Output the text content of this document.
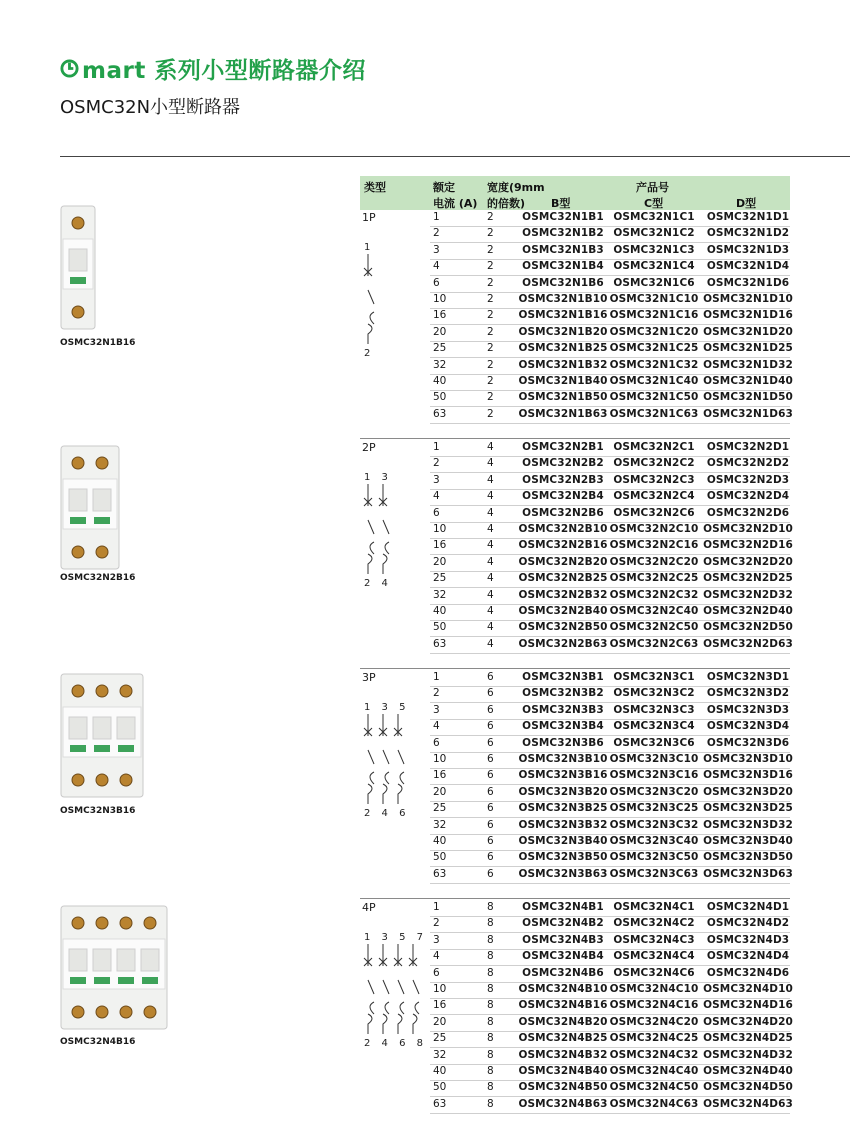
mart 系列小型断路器介绍
OSMC32N小型断路器
类型	额定
电流 (A)
宽度(9mm
的倍数)
产品号
B型	C型	D型
1P	1	2	OSMC32N1B1 OSMC32N1C1 OSMC32N1D1
2	2	OSMC32N1B2 OSMC32N1C2 OSMC32N1D2
3	2	OSMC32N1B3 OSMC32N1C3 OSMC32N1D3
4	2	OSMC32N1B4 OSMC32N1C4 OSMC32N1D4
6	2	OSMC32N1B6 OSMC32N1C6 OSMC32N1D6
10	2 OSMC32N1B10 OSMC32N1C10 OSMC32N1D10
16	2 OSMC32N1B16 OSMC32N1C16 OSMC32N1D16
20	2 OSMC32N1B20 OSMC32N1C20 OSMC32N1D20
25	2 OSMC32N1B25 OSMC32N1C25 OSMC32N1D25
32	2 OSMC32N1B32 OSMC32N1C32 OSMC32N1D32
40	2 OSMC32N1B40 OSMC32N1C40 OSMC32N1D40
50	2 OSMC32N1B50 OSMC32N1C50 OSMC32N1D50
63	2 OSMC32N1B63 OSMC32N1C63 OSMC32N1D63
1
2
OSMC32N1B16
2P	1	4	OSMC32N2B1 OSMC32N2C1 OSMC32N2D1
2	4	OSMC32N2B2 OSMC32N2C2 OSMC32N2D2
3	4	OSMC32N2B3 OSMC32N2C3 OSMC32N2D3
4	4	OSMC32N2B4 OSMC32N2C4 OSMC32N2D4
6	4	OSMC32N2B6 OSMC32N2C6 OSMC32N2D6
10	4 OSMC32N2B10 OSMC32N2C10 OSMC32N2D10
16	4 OSMC32N2B16 OSMC32N2C16 OSMC32N2D16
20	4 OSMC32N2B20 OSMC32N2C20 OSMC32N2D20
25	4 OSMC32N2B25 OSMC32N2C25 OSMC32N2D25
32	4 OSMC32N2B32 OSMC32N2C32 OSMC32N2D32
40	4 OSMC32N2B40 OSMC32N2C40 OSMC32N2D40
50	4 OSMC32N2B50 OSMC32N2C50 OSMC32N2D50
63	4 OSMC32N2B63 OSMC32N2C63 OSMC32N2D63
1 3
2 4
OSMC32N2B16
3P	1	6	OSMC32N3B1 OSMC32N3C1 OSMC32N3D1
2	6	OSMC32N3B2 OSMC32N3C2 OSMC32N3D2
3	6	OSMC32N3B3 OSMC32N3C3 OSMC32N3D3
4	6	OSMC32N3B4 OSMC32N3C4 OSMC32N3D4
6	6	OSMC32N3B6 OSMC32N3C6 OSMC32N3D6
10	6 OSMC32N3B10 OSMC32N3C10 OSMC32N3D10
16	6 OSMC32N3B16 OSMC32N3C16 OSMC32N3D16
20	6 OSMC32N3B20 OSMC32N3C20 OSMC32N3D20
25	6 OSMC32N3B25 OSMC32N3C25 OSMC32N3D25
32	6 OSMC32N3B32 OSMC32N3C32 OSMC32N3D32
40	6 OSMC32N3B40 OSMC32N3C40 OSMC32N3D40
50	6 OSMC32N3B50 OSMC32N3C50 OSMC32N3D50
63	6 OSMC32N3B63 OSMC32N3C63 OSMC32N3D63
1 3 5
2 4 6
OSMC32N3B16
4P	1	8	OSMC32N4B1 OSMC32N4C1 OSMC32N4D1
2	8	OSMC32N4B2 OSMC32N4C2 OSMC32N4D2
3	8	OSMC32N4B3 OSMC32N4C3 OSMC32N4D3
4	8	OSMC32N4B4 OSMC32N4C4 OSMC32N4D4
6	8	OSMC32N4B6 OSMC32N4C6 OSMC32N4D6
10	8 OSMC32N4B10 OSMC32N4C10 OSMC32N4D10
16	8 OSMC32N4B16 OSMC32N4C16 OSMC32N4D16
20	8 OSMC32N4B20 OSMC32N4C20 OSMC32N4D20
25	8 OSMC32N4B25 OSMC32N4C25 OSMC32N4D25
32	8 OSMC32N4B32 OSMC32N4C32 OSMC32N4D32
40	8 OSMC32N4B40 OSMC32N4C40 OSMC32N4D40
50	8 OSMC32N4B50 OSMC32N4C50 OSMC32N4D50
63	8 OSMC32N4B63 OSMC32N4C63 OSMC32N4D63
1 3 5 7
2 4 6 8
OSMC32N4B16
